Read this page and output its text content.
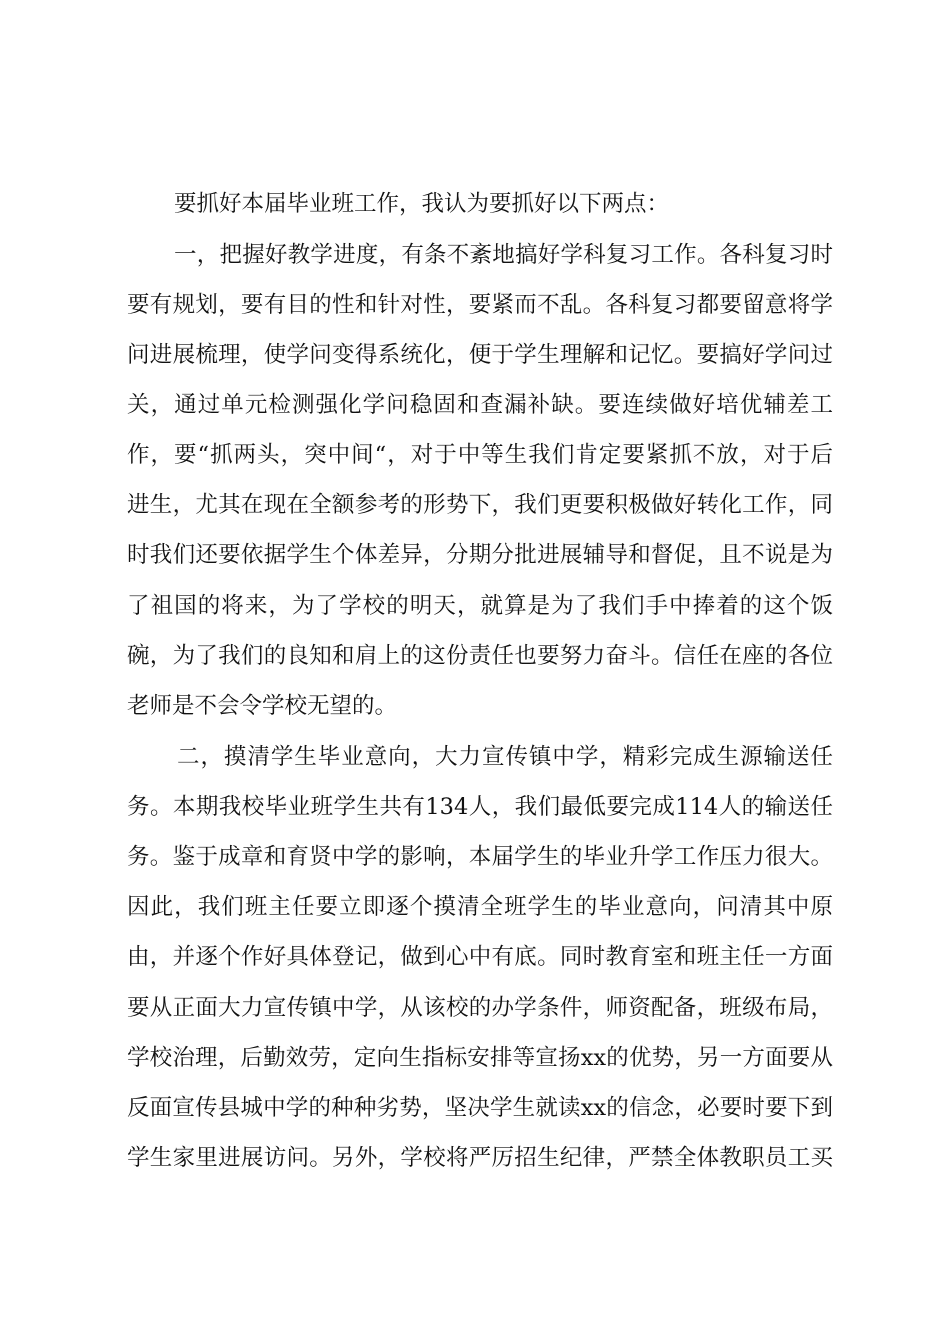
要抓好本届毕业班工作，我认为要抓好以下两点：
一，把握好教学进度，有条不紊地搞好学科复习工作。各科复习时
要有规划，要有目的性和针对性，要紧而不乱。各科复习都要留意将学
问进展梳理，使学问变得系统化，便于学生理解和记忆。要搞好学问过
关，通过单元检测强化学问稳固和查漏补缺。要连续做好培优辅差工
作，要“抓两头，突中间“，对于中等生我们肯定要紧抓不放，对于后
进生，尤其在现在全额参考的形势下，我们更要积极做好转化工作，同
时我们还要依据学生个体差异，分期分批进展辅导和督促，且不说是为
了祖国的将来，为了学校的明天，就算是为了我们手中捧着的这个饭
碗，为了我们的良知和肩上的这份责任也要努力奋斗。信任在座的各位
老师是不会令学校无望的。
二，摸清学生毕业意向，大力宣传镇中学，精彩完成生源输送任
务。本期我校毕业班学生共有134人，我们最低要完成114人的输送任
务。鉴于成章和育贤中学的影响，本届学生的毕业升学工作压力很大。
因此，我们班主任要立即逐个摸清全班学生的毕业意向，问清其中原
由，并逐个作好具体登记，做到心中有底。同时教育室和班主任一方面
要从正面大力宣传镇中学，从该校的办学条件，师资配备，班级布局，
学校治理，后勤效劳，定向生指标安排等宣扬xx的优势，另一方面要从
反面宣传县城中学的种种劣势，坚决学生就读xx的信念，必要时要下到
学生家里进展访问。另外，学校将严厉招生纪律，严禁全体教职员工买
